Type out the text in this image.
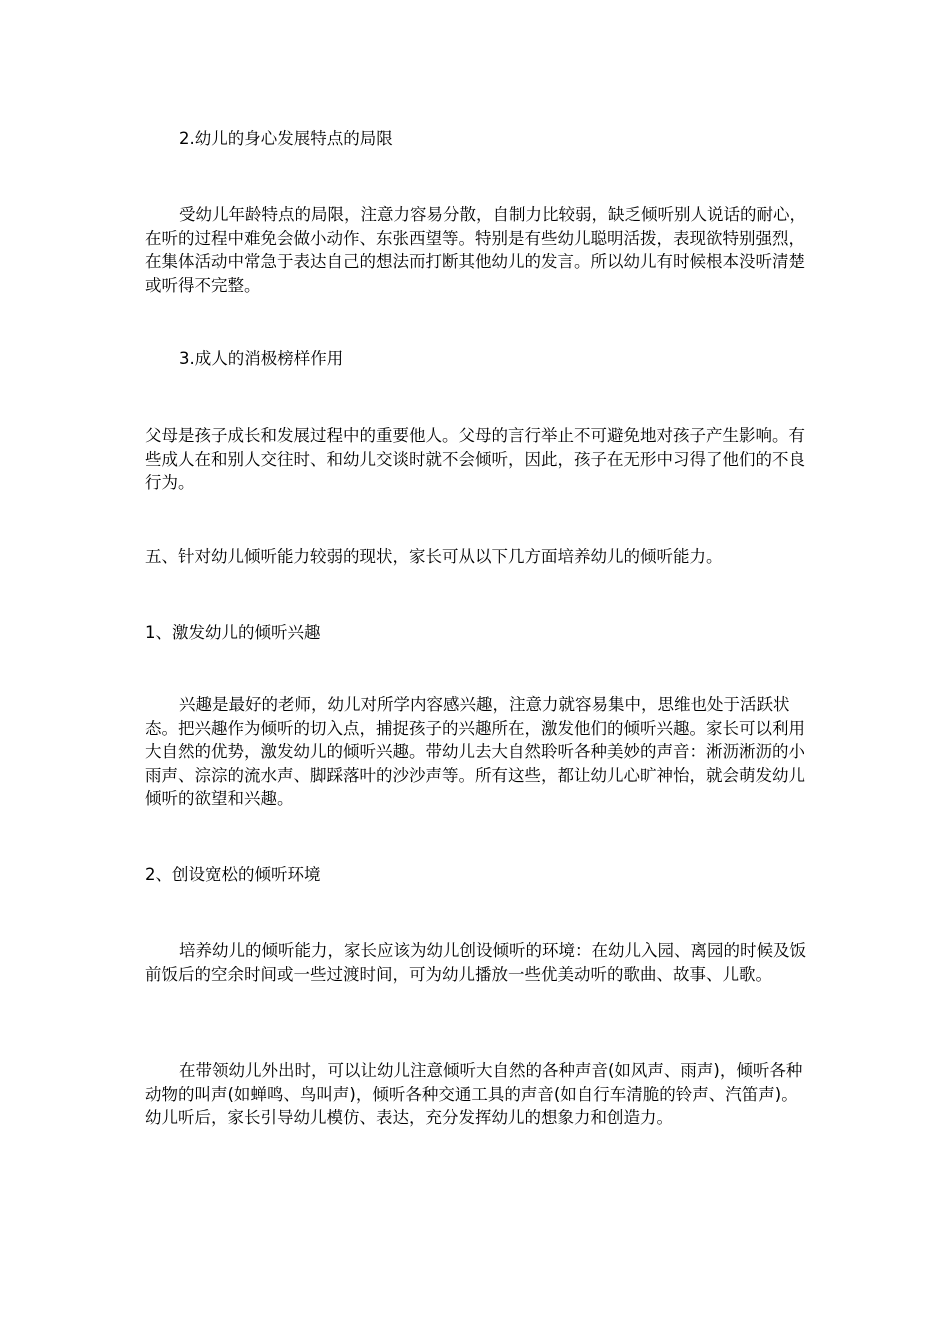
2.幼儿的身心发展特点的局限

受幼儿年龄特点的局限，注意力容易分散，自制力比较弱，缺乏倾听别人说话的耐心，在听的过程中难免会做小动作、东张西望等。特别是有些幼儿聪明活拨，表现欲特别强烈，在集体活动中常急于表达自己的想法而打断其他幼儿的发言。所以幼儿有时候根本没听清楚或听得不完整。

3.成人的消极榜样作用

父母是孩子成长和发展过程中的重要他人。父母的言行举止不可避免地对孩子产生影响。有些成人在和别人交往时、和幼儿交谈时就不会倾听，因此，孩子在无形中习得了他们的不良行为。

五、针对幼儿倾听能力较弱的现状，家长可从以下几方面培养幼儿的倾听能力。

1、激发幼儿的倾听兴趣

兴趣是最好的老师，幼儿对所学内容感兴趣，注意力就容易集中，思维也处于活跃状态。把兴趣作为倾听的切入点，捕捉孩子的兴趣所在，激发他们的倾听兴趣。家长可以利用大自然的优势，激发幼儿的倾听兴趣。带幼儿去大自然聆听各种美妙的声音：淅沥淅沥的小雨声、淙淙的流水声、脚踩落叶的沙沙声等。所有这些，都让幼儿心旷神怡，就会萌发幼儿倾听的欲望和兴趣。

2、创设宽松的倾听环境

培养幼儿的倾听能力，家长应该为幼儿创设倾听的环境：在幼儿入园、离园的时候及饭前饭后的空余时间或一些过渡时间，可为幼儿播放一些优美动听的歌曲、故事、儿歌。

在带领幼儿外出时，可以让幼儿注意倾听大自然的各种声音(如风声、雨声)，倾听各种动物的叫声(如蝉鸣、鸟叫声)，倾听各种交通工具的声音(如自行车清脆的铃声、汽笛声)。幼儿听后，家长引导幼儿模仿、表达，充分发挥幼儿的想象力和创造力。
